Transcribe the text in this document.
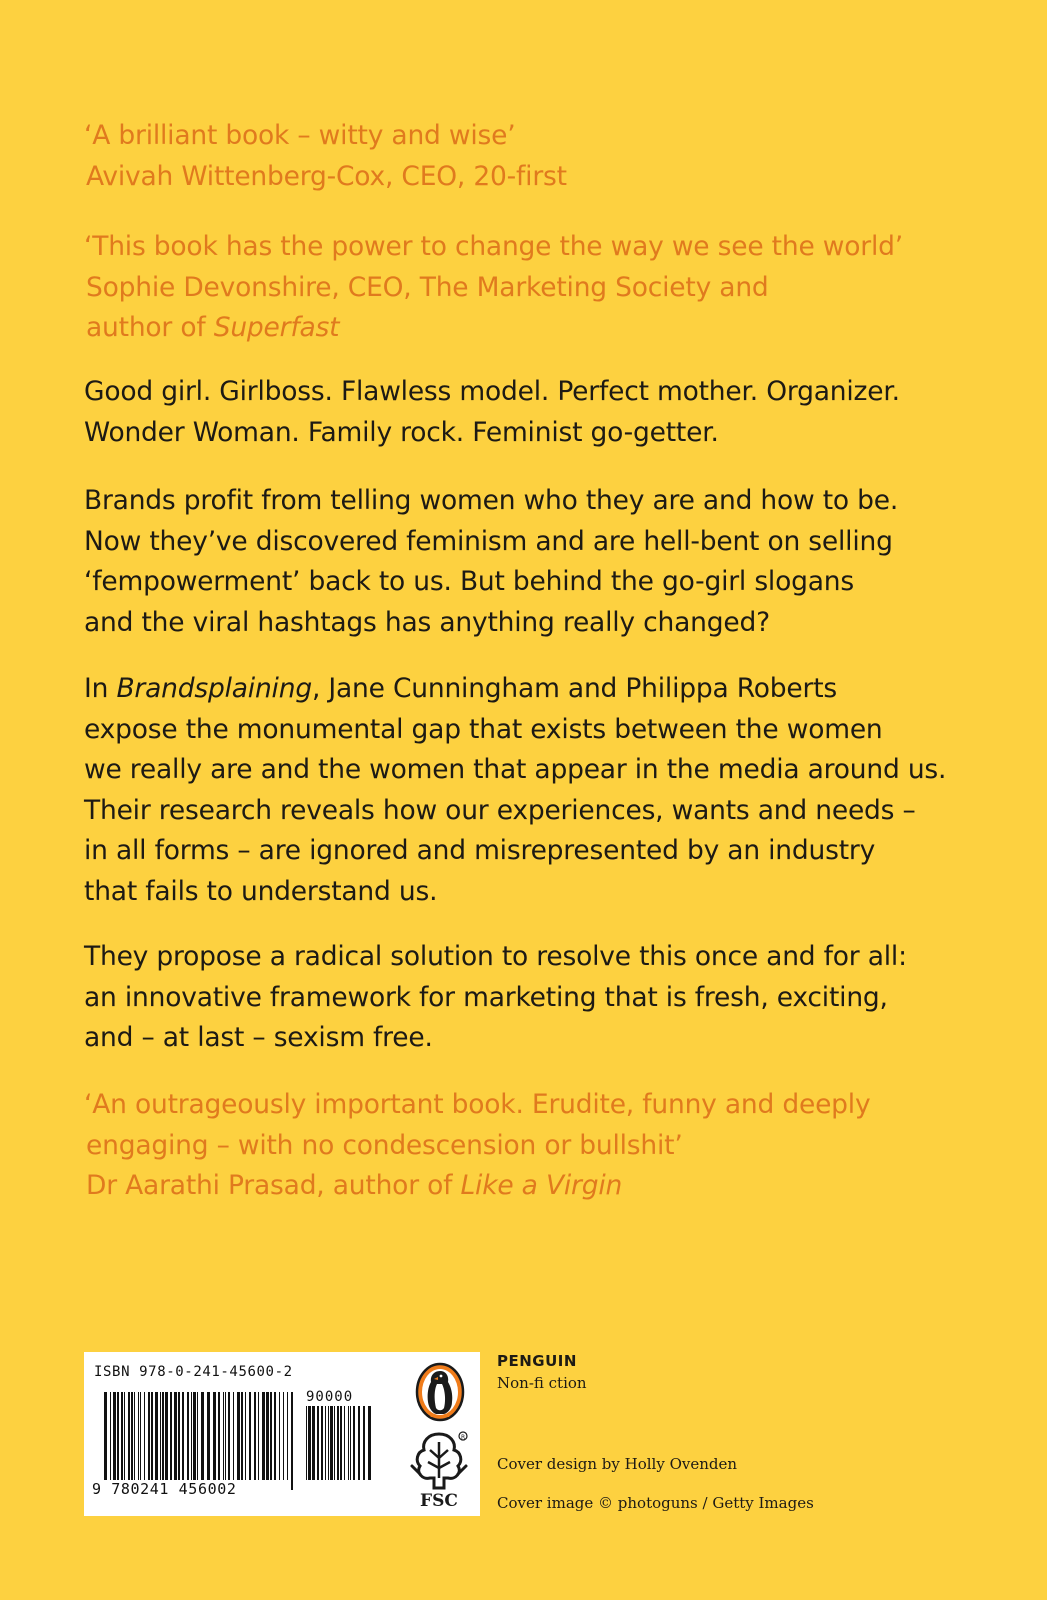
‘A brilliant book – witty and wise’
Avivah Wittenberg-Cox, CEO, 20-first
‘This book has the power to change the way we see the world’
Sophie Devonshire, CEO, The Marketing Society and
author of Superfast
Good girl. Girlboss. Flawless model. Perfect mother. Organizer.
Wonder Woman. Family rock. Feminist go-getter.
Brands profit from telling women who they are and how to be.
Now they’ve discovered feminism and are hell-bent on selling
‘fempowerment’ back to us. But behind the go-girl slogans
and the viral hashtags has anything really changed?
In Brandsplaining, Jane Cunningham and Philippa Roberts
expose the monumental gap that exists between the women
we really are and the women that appear in the media around us.
Their research reveals how our experiences, wants and needs –
in all forms – are ignored and misrepresented by an industry
that fails to understand us.
They propose a radical solution to resolve this once and for all:
an innovative framework for marketing that is fresh, exciting,
and – at last – sexism free.
‘An outrageously important book. Erudite, funny and deeply
engaging – with no condescension or bullshit’
Dr Aarathi Prasad, author of Like a Virgin
ISBN 978-0-241-45600-2
90000
9 780241 456002
R
FSC
PENGUIN
Non-fi ction
Cover design by Holly Ovenden
Cover image © photoguns / Getty Images
